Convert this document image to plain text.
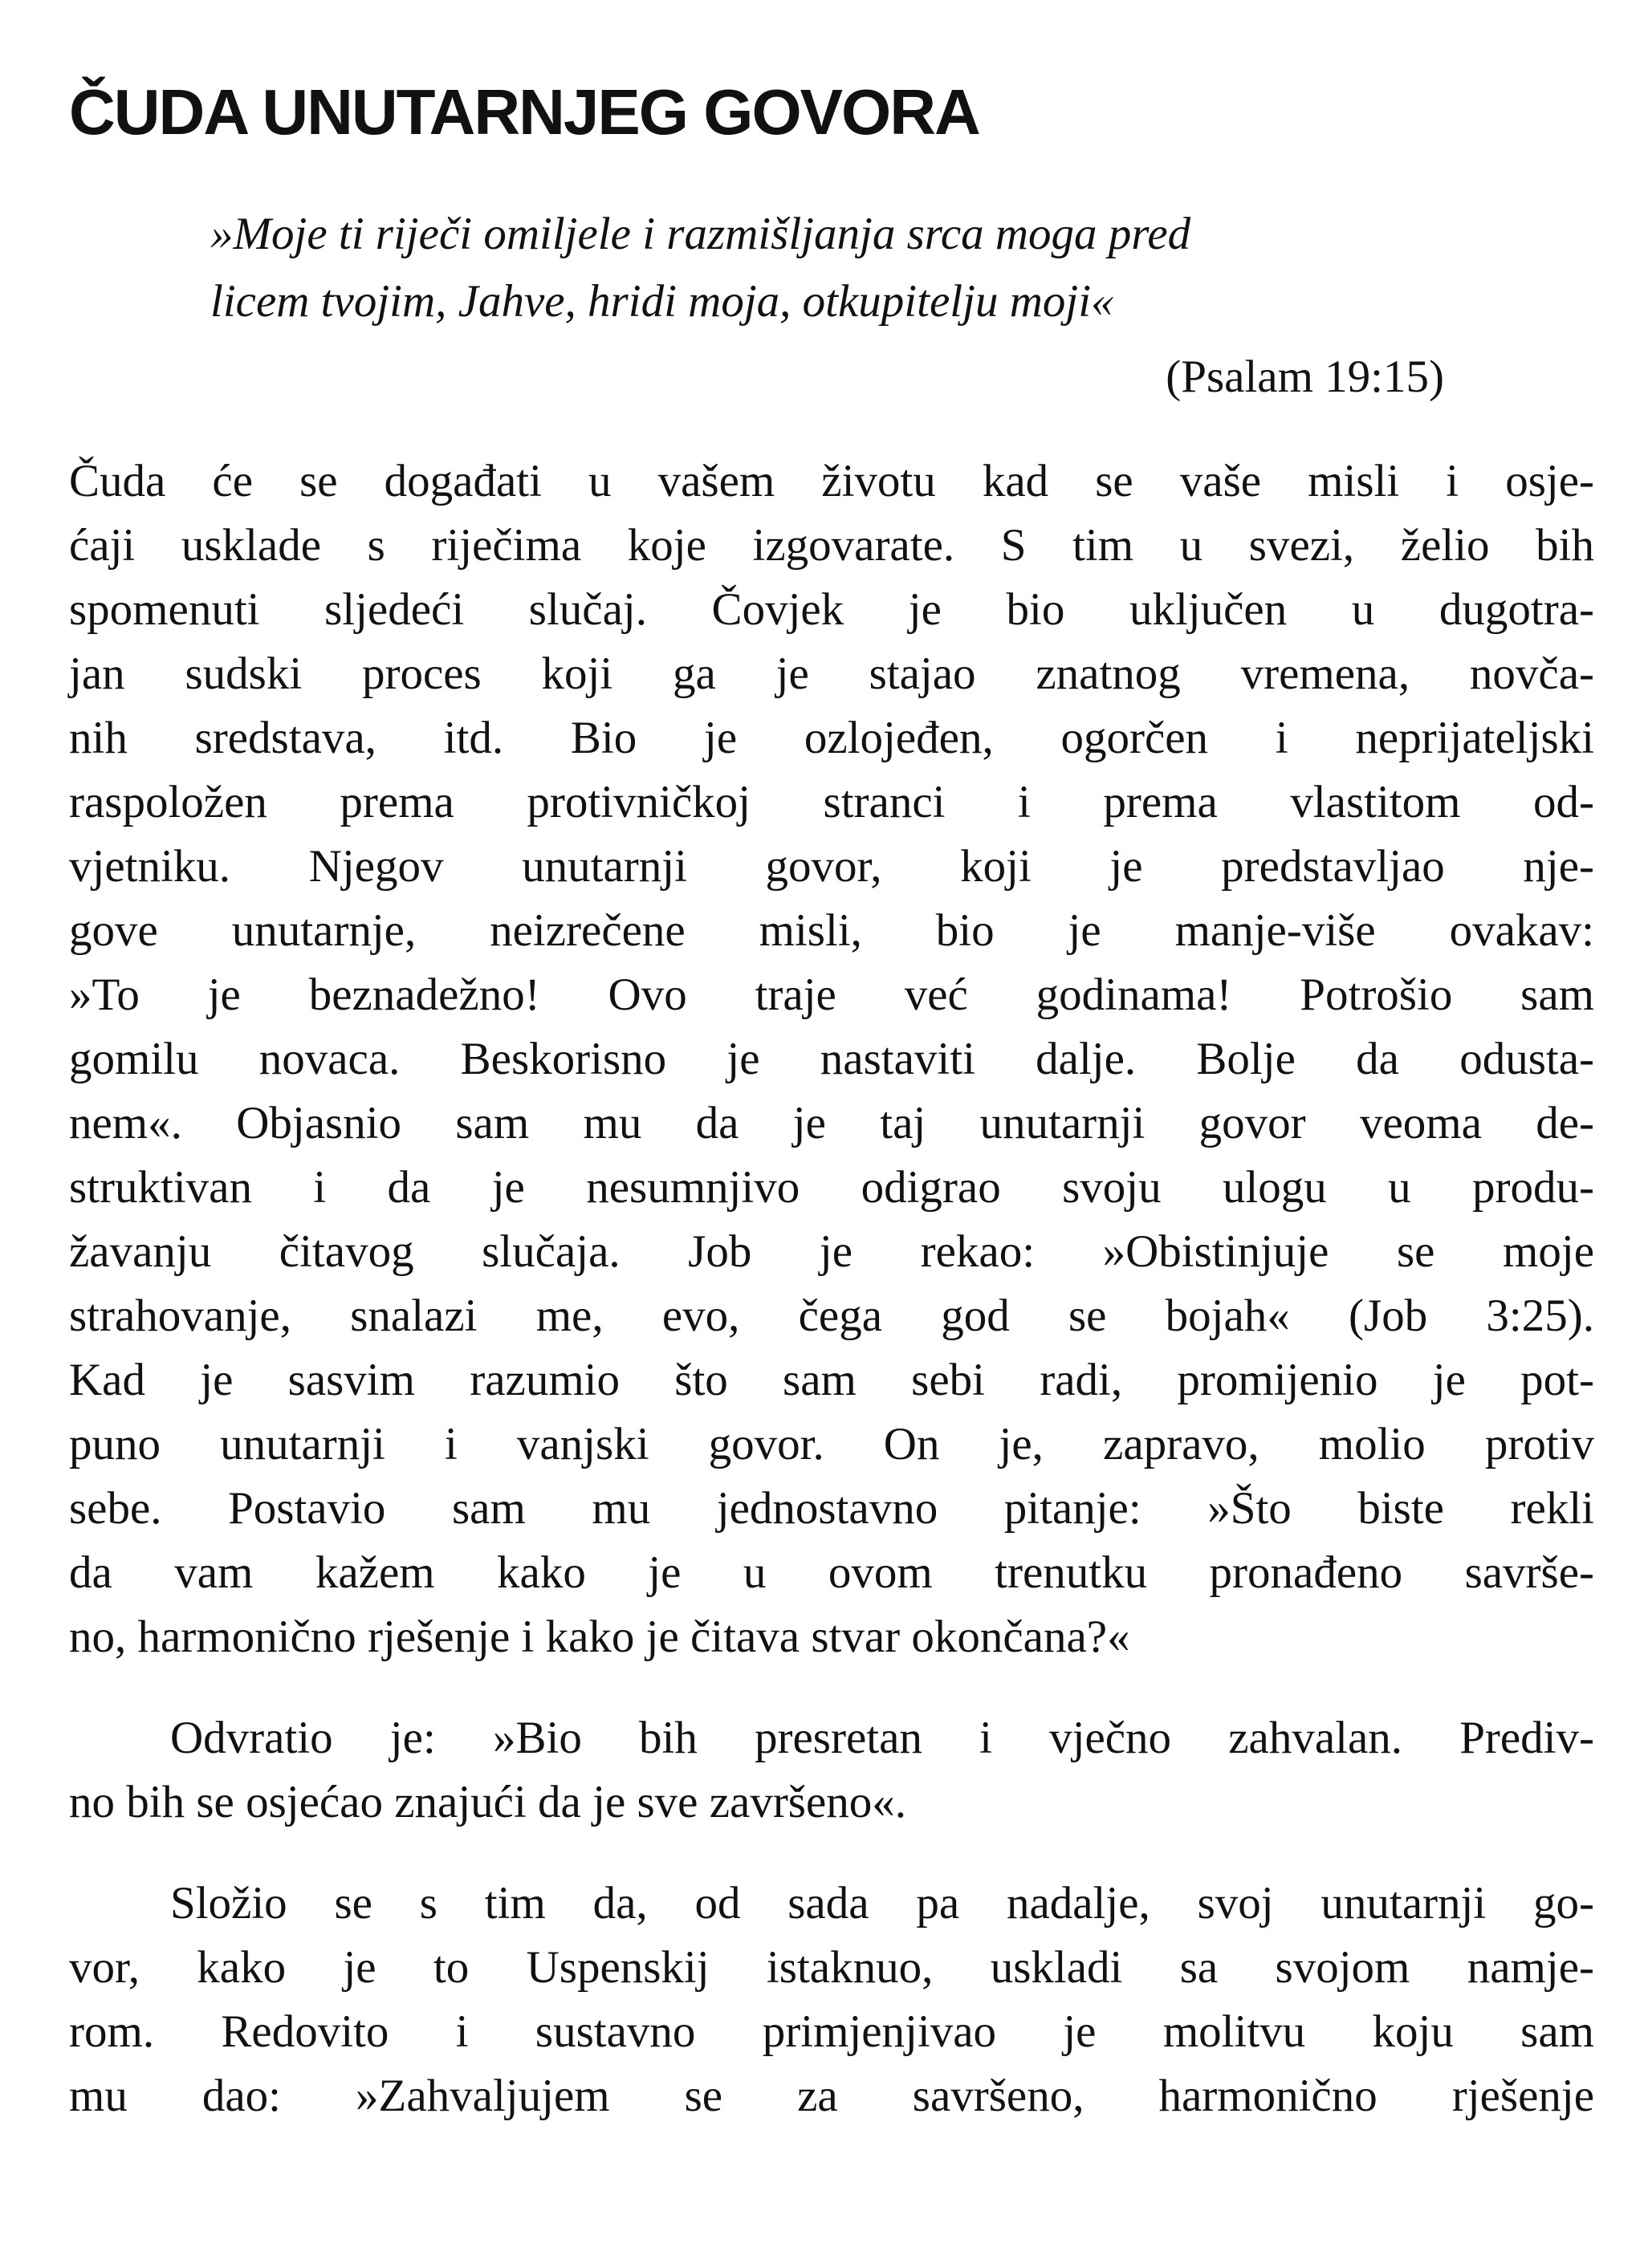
ČUDA UNUTARNJEG GOVORA
»Moje ti riječi omiljele i razmišljanja srca moga pred
licem tvojim, Jahve, hridi moja, otkupitelju moji«
(Psalam 19:15)

Čuda će se događati u vašem životu kad se vaše misli i osje-
ćaji usklade s riječima koje izgovarate. S tim u svezi, želio bih
spomenuti sljedeći slučaj. Čovjek je bio uključen u dugotra-
jan sudski proces koji ga je stajao znatnog vremena, novča-
nih sredstava, itd. Bio je ozlojeđen, ogorčen i neprijateljski
raspoložen prema protivničkoj stranci i prema vlastitom od-
vjetniku. Njegov unutarnji govor, koji je predstavljao nje-
gove unutarnje, neizrečene misli, bio je manje-više ovakav:
»To je beznadežno! Ovo traje već godinama! Potrošio sam
gomilu novaca. Beskorisno je nastaviti dalje. Bolje da odusta-
nem«. Objasnio sam mu da je taj unutarnji govor veoma de-
struktivan i da je nesumnjivo odigrao svoju ulogu u produ-
žavanju čitavog slučaja. Job je rekao: »Obistinjuje se moje
strahovanje, snalazi me, evo, čega god se bojah« (Job 3:25).
Kad je sasvim razumio što sam sebi radi, promijenio je pot-
puno unutarnji i vanjski govor. On je, zapravo, molio protiv
sebe. Postavio sam mu jednostavno pitanje: »Što biste rekli
da vam kažem kako je u ovom trenutku pronađeno savrše-
no, harmonično rješenje i kako je čitava stvar okončana?«

Odvratio je: »Bio bih presretan i vječno zahvalan. Prediv-
no bih se osjećao znajući da je sve završeno«.

Složio se s tim da, od sada pa nadalje, svoj unutarnji go-
vor, kako je to Uspenskij istaknuo, uskladi sa svojom namje-
rom. Redovito i sustavno primjenjivao je molitvu koju sam
mu dao: »Zahvaljujem se za savršeno, harmonično rješenje
